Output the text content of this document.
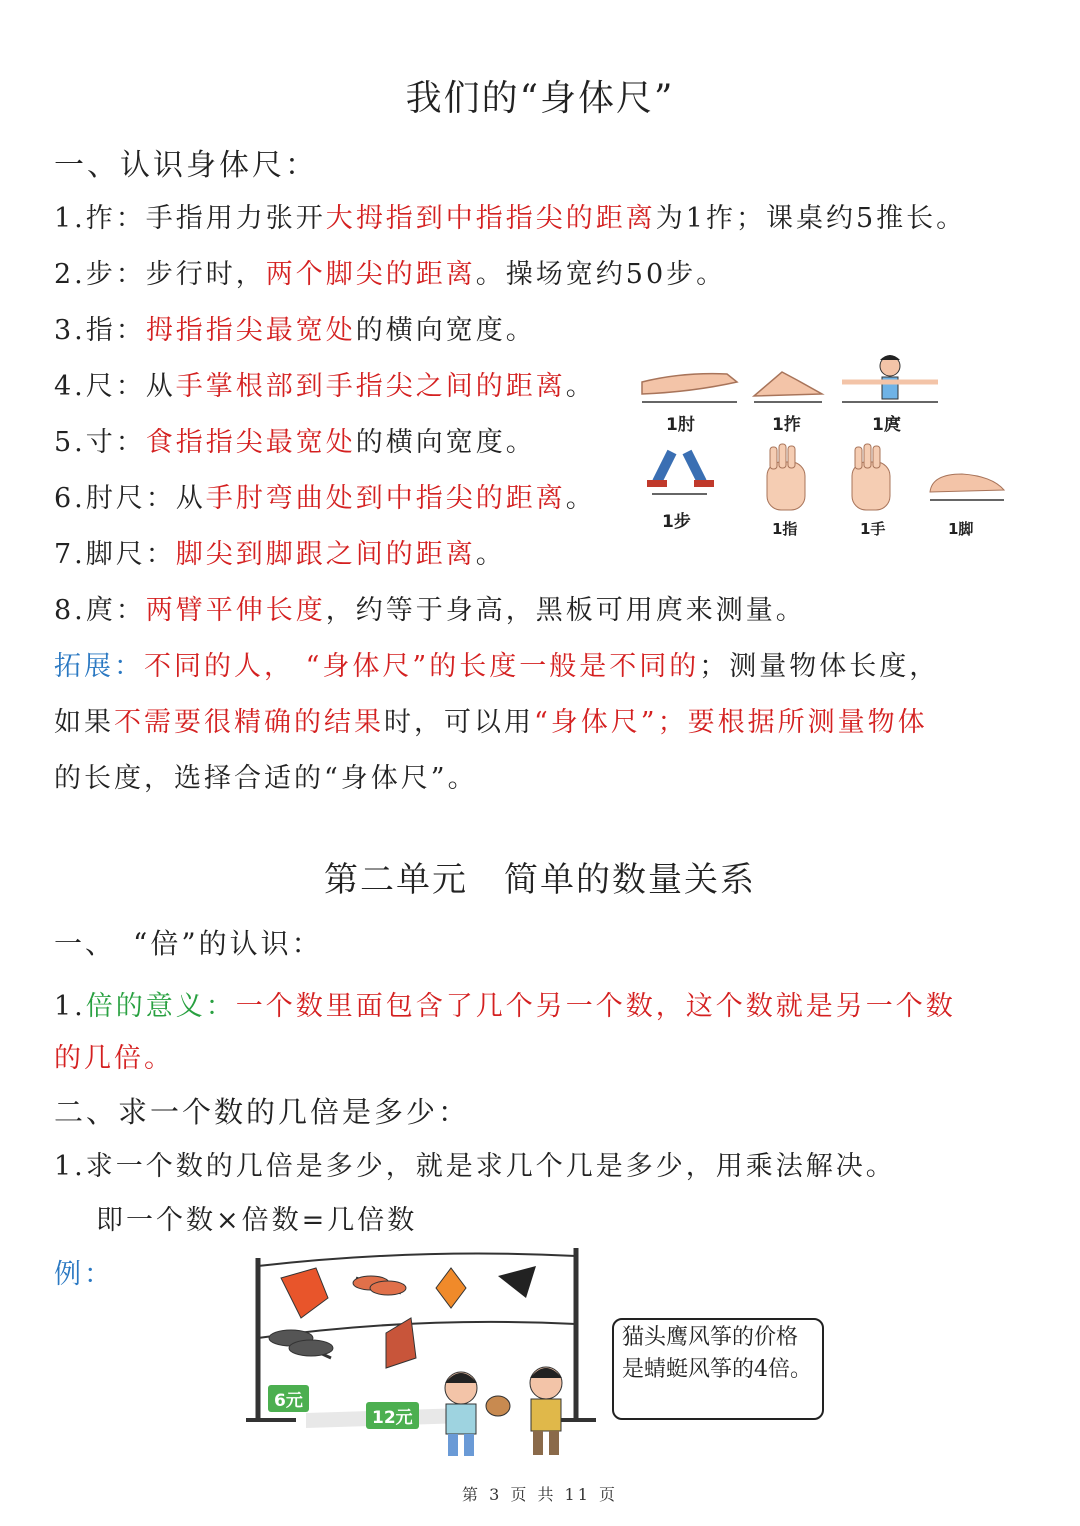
我们的“身体尺”
一、认识身体尺：
1.拃：手指用力张开大拇指到中指指尖的距离为1拃；课桌约5推长。
2.步：步行时，两个脚尖的距离。操场宽约50步。
3.指：拇指指尖最宽处的横向宽度。
4.尺：从手掌根部到手指尖之间的距离。
5.寸：食指指尖最宽处的横向宽度。
6.肘尺：从手肘弯曲处到中指尖的距离。
7.脚尺：脚尖到脚跟之间的距离。
8.庹：两臂平伸长度，约等于身高，黑板可用庹来测量。
拓展：不同的人， “身体尺”的长度一般是不同的；测量物体长度，
如果不需要很精确的结果时，可以用“身体尺”；要根据所测量物体
的长度，选择合适的“身体尺”。
1肘	1拃	1庹
1步	1指	1手	1脚
第二单元　简单的数量关系
一、　“倍”的认识：
1.倍的意义：一个数里面包含了几个另一个数，这个数就是另一个数
的几倍。
二、求一个数的几倍是多少：
1.求一个数的几倍是多少，就是求几个几是多少，用乘法解决。
即一个数×倍数=几倍数
例：
6元
12元
猫头鹰风筝的价格是蜻蜓风筝的4倍。
第 3 页 共 11 页
